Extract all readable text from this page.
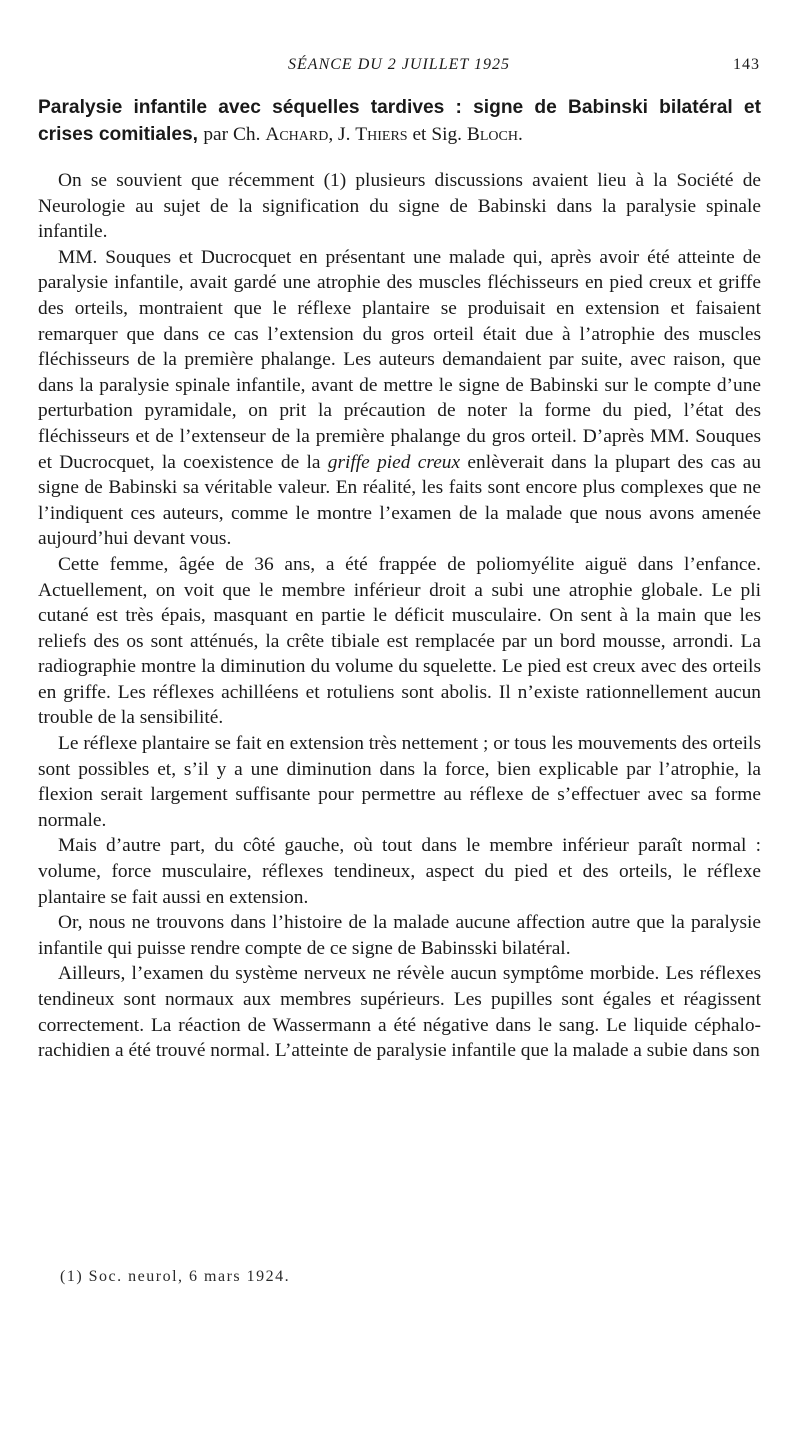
SÉANCE DU 2 JUILLET 1925	143
Paralysie infantile avec séquelles tardives : signe de Babinski bilatéral et crises comitiales, par Ch. Achard, J. Thiers et Sig. Bloch.

On se souvient que récemment (1) plusieurs discussions avaient lieu à la Société de Neurologie au sujet de la signification du signe de Babinski dans la paralysie spinale infantile.

MM. Souques et Ducrocquet en présentant une malade qui, après avoir été atteinte de paralysie infantile, avait gardé une atrophie des muscles fléchisseurs en pied creux et griffe des orteils, montraient que le réflexe plantaire se produisait en extension et faisaient remarquer que dans ce cas l’extension du gros orteil était due à l’atrophie des muscles fléchisseurs de la première phalange. Les auteurs demandaient par suite, avec raison, que dans la paralysie spinale infantile, avant de mettre le signe de Babinski sur le compte d’une perturbation pyramidale, on prit la précaution de noter la forme du pied, l’état des fléchisseurs et de l’extenseur de la première phalange du gros orteil. D’après MM. Souques et Ducrocquet, la coexistence de la griffe pied creux enlèverait dans la plupart des cas au signe de Babinski sa véritable valeur. En réalité, les faits sont encore plus complexes que ne l’indiquent ces auteurs, comme le montre l’examen de la malade que nous avons amenée aujourd’hui devant vous.

Cette femme, âgée de 36 ans, a été frappée de poliomyélite aiguë dans l’enfance. Actuellement, on voit que le membre inférieur droit a subi une atrophie globale. Le pli cutané est très épais, masquant en partie le déficit musculaire. On sent à la main que les reliefs des os sont atténués, la crête tibiale est remplacée par un bord mousse, arrondi. La radiographie montre la diminution du volume du squelette. Le pied est creux avec des orteils en griffe. Les réflexes achilléens et rotuliens sont abolis. Il n’existe rationnellement aucun trouble de la sensibilité.

Le réflexe plantaire se fait en extension très nettement ; or tous les mouvements des orteils sont possibles et, s’il y a une diminution dans la force, bien explicable par l’atrophie, la flexion serait largement suffisante pour permettre au réflexe de s’effectuer avec sa forme normale.

Mais d’autre part, du côté gauche, où tout dans le membre inférieur paraît normal : volume, force musculaire, réflexes tendineux, aspect du pied et des orteils, le réflexe plantaire se fait aussi en extension.

Or, nous ne trouvons dans l’histoire de la malade aucune affection autre que la paralysie infantile qui puisse rendre compte de ce signe de Babinsski bilatéral.

Ailleurs, l’examen du système nerveux ne révèle aucun symptôme morbide. Les réflexes tendineux sont normaux aux membres supérieurs. Les pupilles sont égales et réagissent correctement. La réaction de Wassermann a été négative dans le sang. Le liquide céphalo-rachidien a été trouvé normal. L’atteinte de paralysie infantile que la malade a subie dans son

(1) Soc. neurol, 6 mars 1924.
